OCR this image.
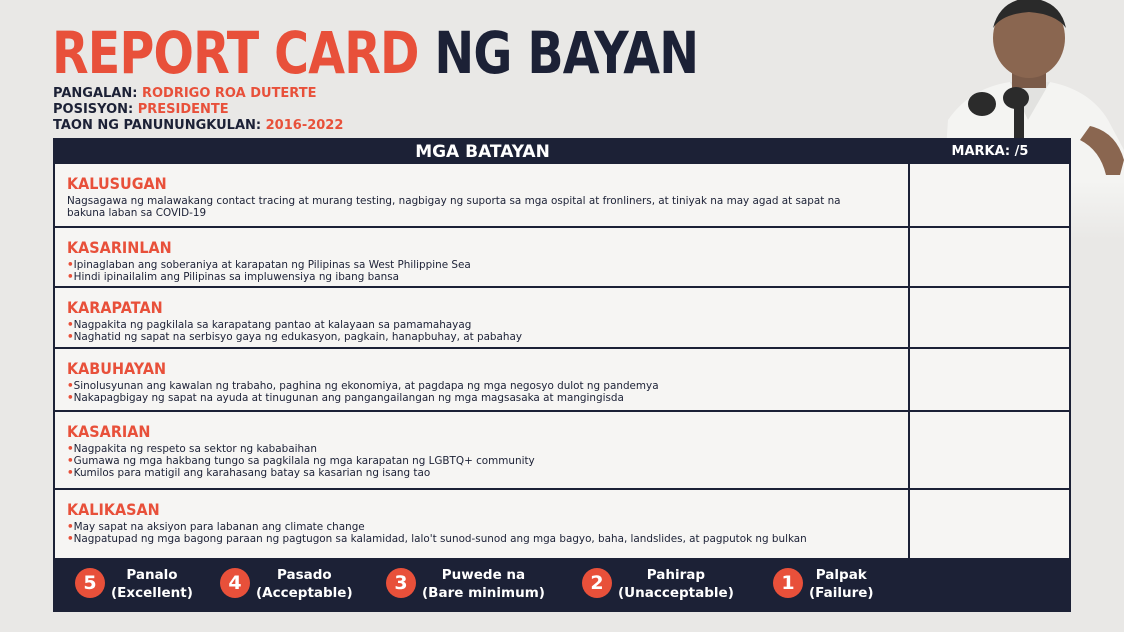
REPORT CARD NG BAYAN
PANGALAN: RODRIGO ROA DUTERTE
POSISYON: PRESIDENTE
TAON NG PANUNUNGKULAN: 2016-2022
MGA BATAYAN	MARKA: /5
KALUSUGAN
Nagsagawa ng malawakang contact tracing at murang testing, nagbigay ng suporta sa mga ospital at fronliners, at tiniyak na may agad at sapat na bakuna laban sa COVID-19
KASARINLAN
•Ipinaglaban ang soberaniya at karapatan ng Pilipinas sa West Philippine Sea
•Hindi ipinailalim ang Pilipinas sa impluwensiya ng ibang bansa
KARAPATAN
•Nagpakita ng pagkilala sa karapatang pantao at kalayaan sa pamamahayag
•Naghatid ng sapat na serbisyo gaya ng edukasyon, pagkain, hanapbuhay, at pabahay
KABUHAYAN
•Sinolusyunan ang kawalan ng trabaho, paghina ng ekonomiya, at pagdapa ng mga negosyo dulot ng pandemya
•Nakapagbigay ng sapat na ayuda at tinugunan ang pangangailangan ng mga magsasaka at mangingisda
KASARIAN
•Nagpakita ng respeto sa sektor ng kababaihan
•Gumawa ng mga hakbang tungo sa pagkilala ng mga karapatan ng LGBTQ+ community
•Kumilos para matigil ang karahasang batay sa kasarian ng isang tao
KALIKASAN
•May sapat na aksiyon para labanan ang climate change
•Nagpatupad ng mga bagong paraan ng pagtugon sa kalamidad, lalo't sunod-sunod ang mga bagyo, baha, landslides, at pagputok ng bulkan
5	Panalo
(Excellent)	4	Pasado
(Acceptable)	3	Puwede na
(Bare minimum)	2	Pahirap
(Unacceptable)	1	Palpak
(Failure)
